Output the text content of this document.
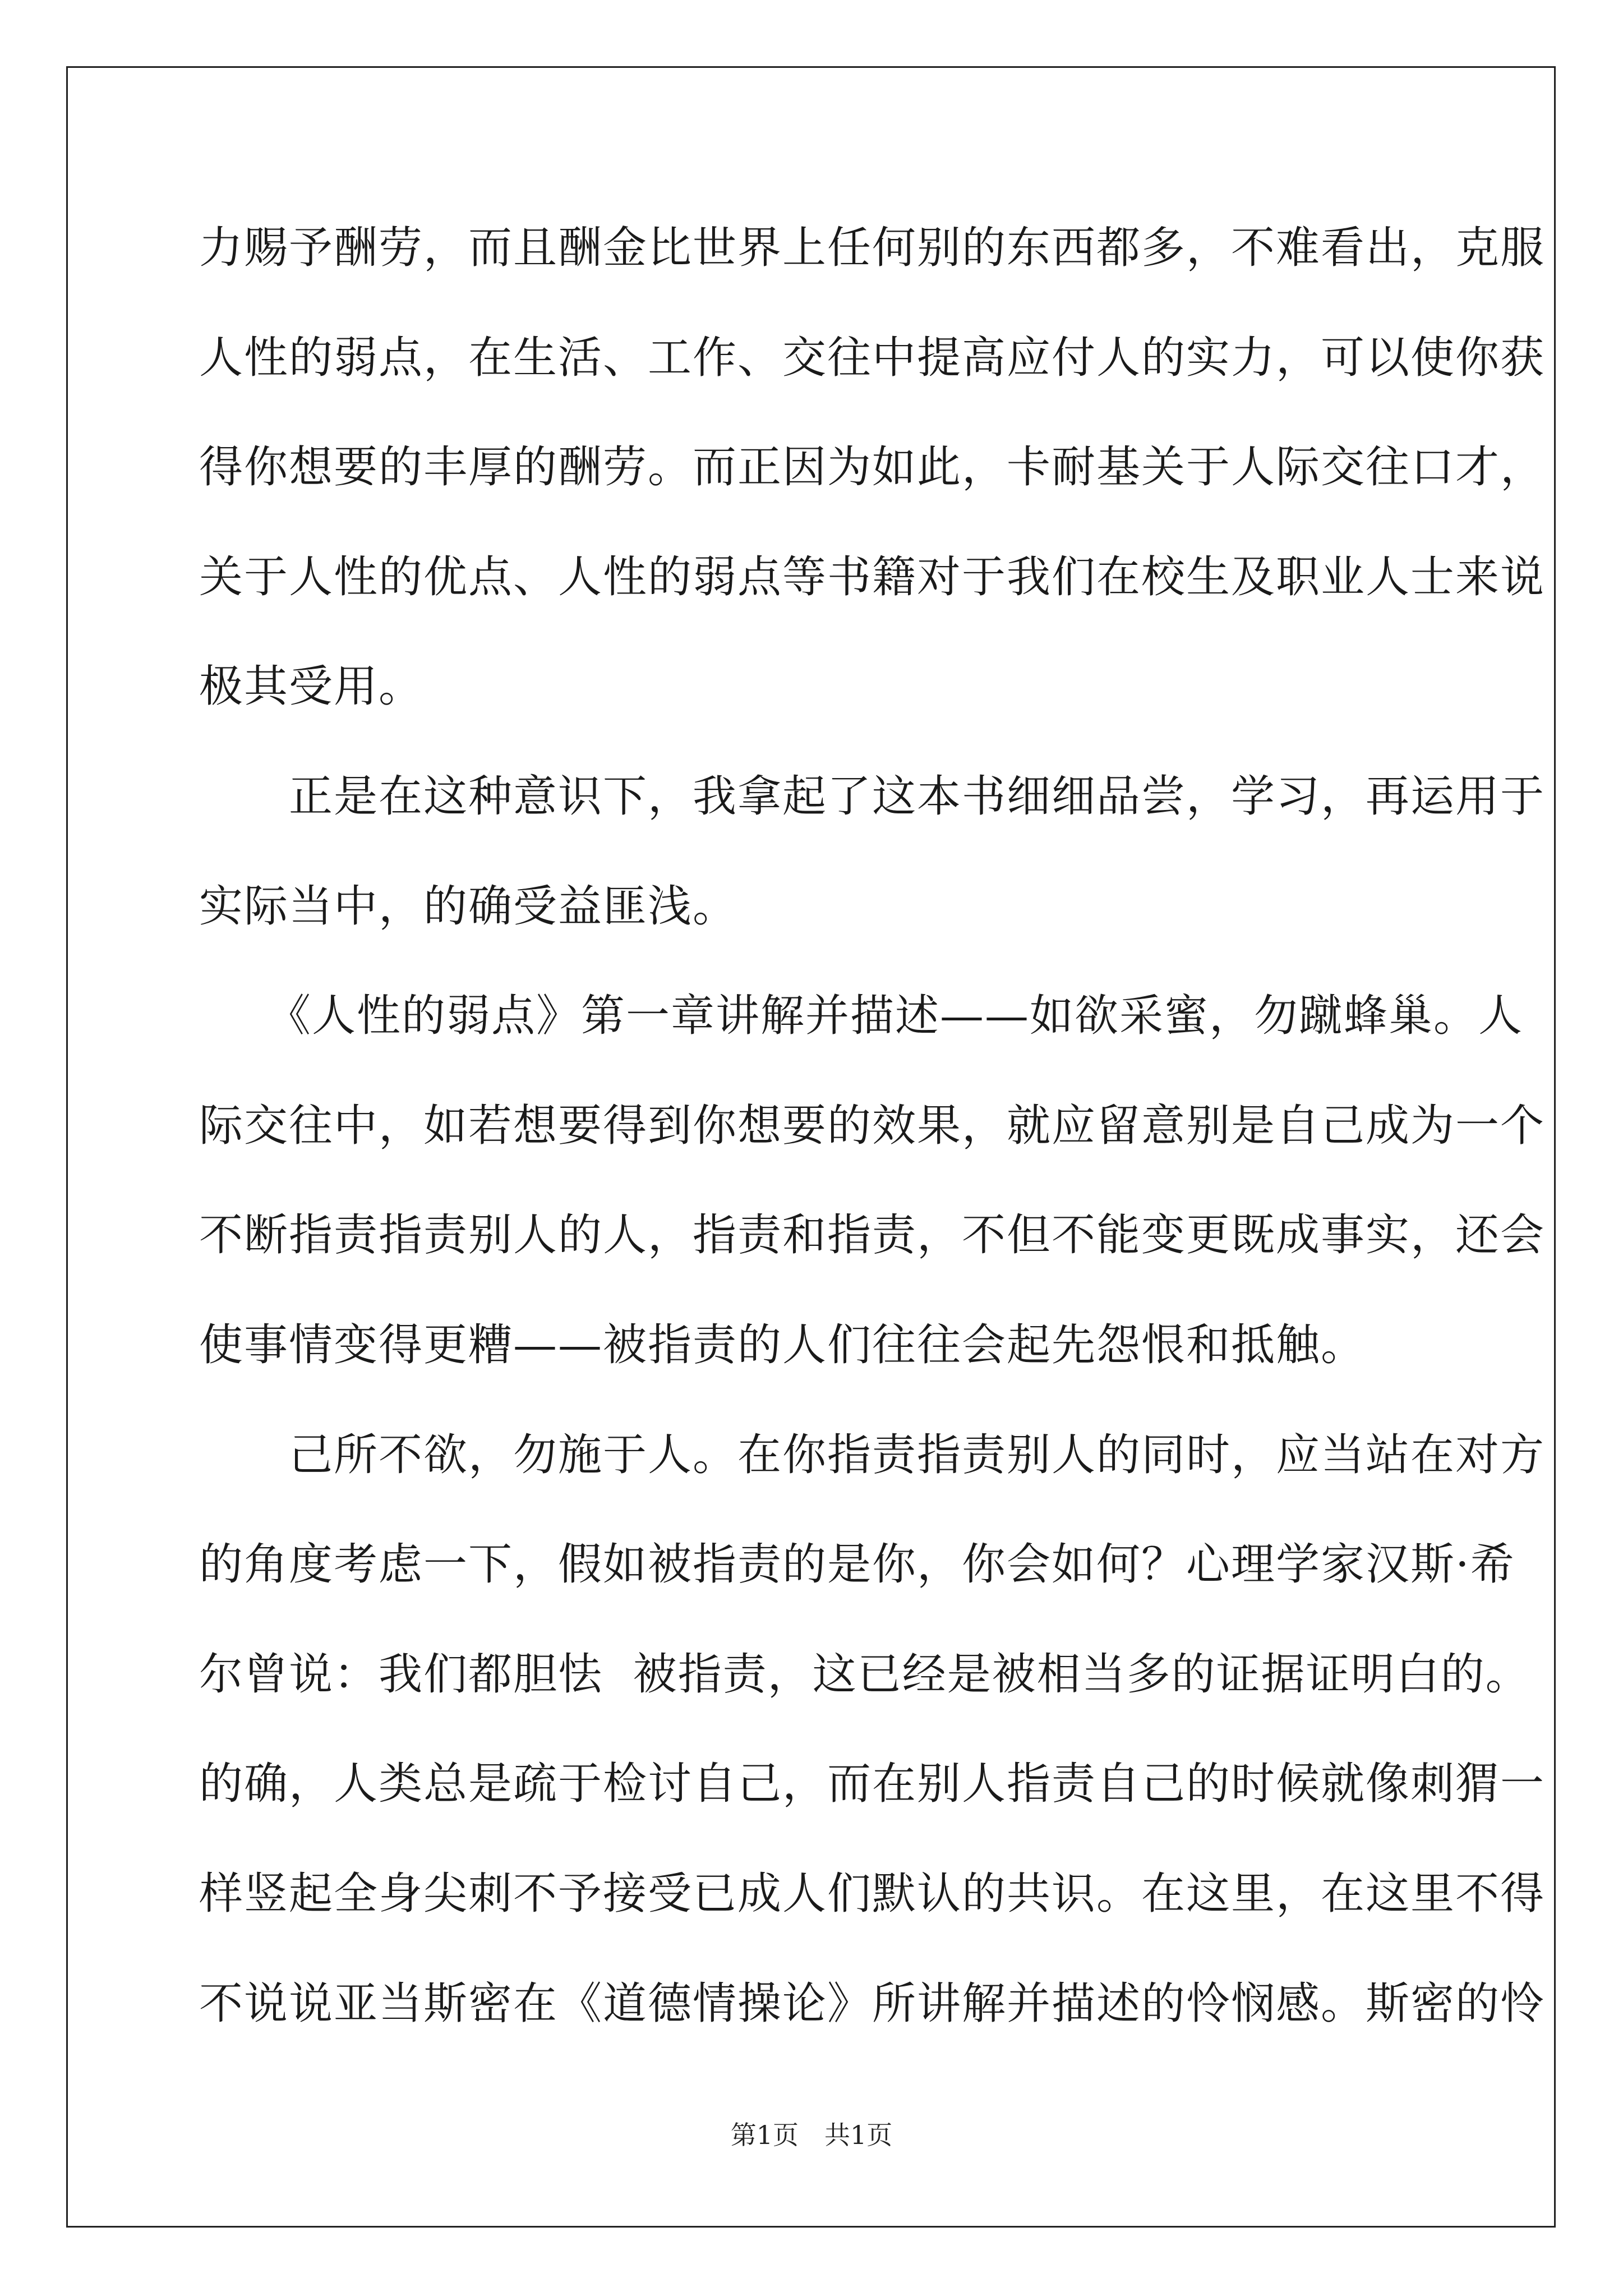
力赐予酬劳，而且酬金比世界上任何别的东西都多，不难看出，克服
人性的弱点，在生活、工作、交往中提高应付人的实力，可以使你获
得你想要的丰厚的酬劳。而正因为如此，卡耐基关于人际交往口才，
关于人性的优点、人性的弱点等书籍对于我们在校生及职业人士来说
极其受用。
　　正是在这种意识下，我拿起了这本书细细品尝，学习，再运用于
实际当中，的确受益匪浅。
　　《人性的弱点》第一章讲解并描述——如欲采蜜，勿蹴蜂巢。人
际交往中，如若想要得到你想要的效果，就应留意别是自己成为一个
不断指责指责别人的人，指责和指责，不但不能变更既成事实，还会
使事情变得更糟——被指责的人们往往会起先怨恨和抵触。
　　己所不欲，勿施于人。在你指责指责别人的同时，应当站在对方
的角度考虑一下，假如被指责的是你，你会如何？心理学家汉斯·希
尔曾说：我们都胆怯  被指责，这已经是被相当多的证据证明白的。
的确，人类总是疏于检讨自己，而在别人指责自己的时候就像刺猬一
样竖起全身尖刺不予接受已成人们默认的共识。在这里，在这里不得
不说说亚当斯密在《道德情操论》所讲解并描述的怜悯感。斯密的怜
第1页　共1页
